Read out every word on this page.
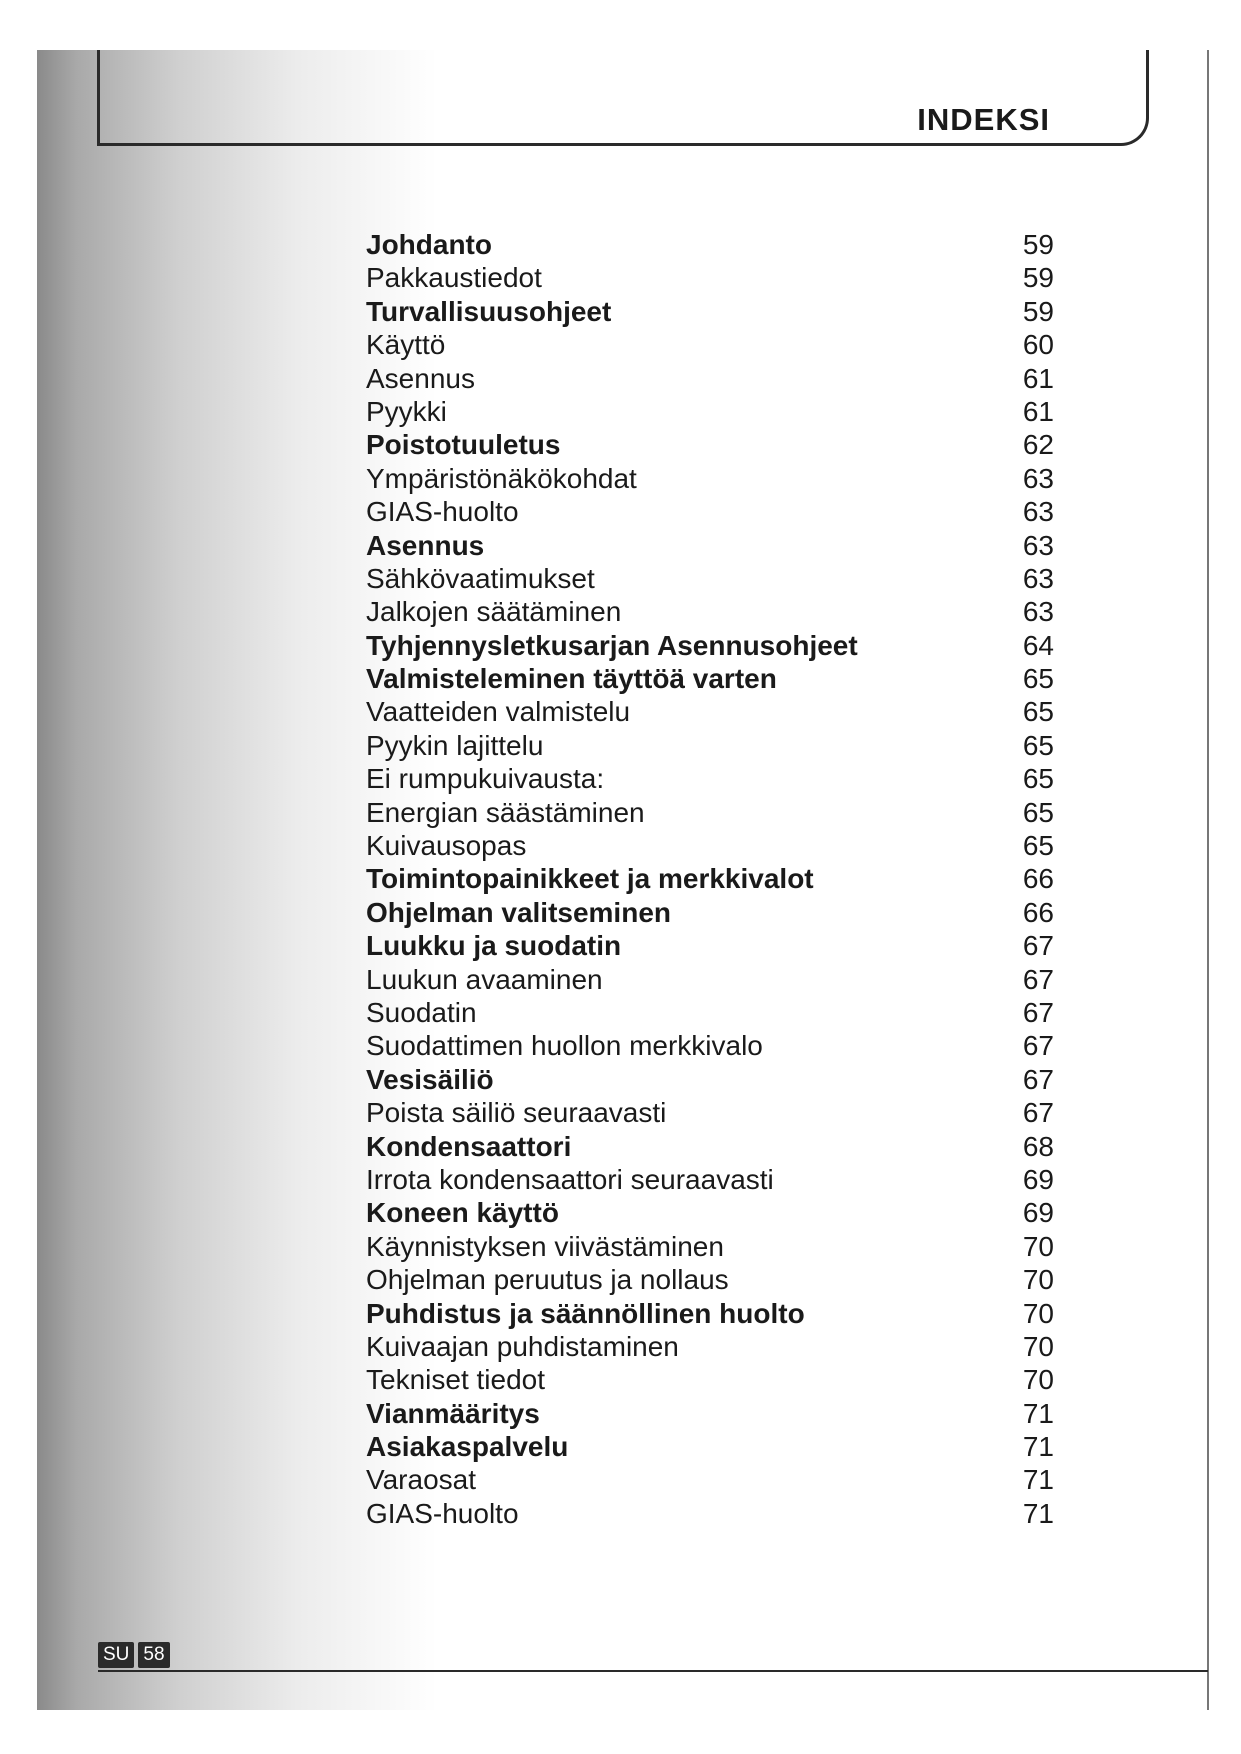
INDEKSI
Johdanto	59
Pakkaustiedot	59
Turvallisuusohjeet	59
Käyttö	60
Asennus	61
Pyykki	61
Poistotuuletus	62
Ympäristönäkökohdat	63
GIAS-huolto	63
Asennus	63
Sähkövaatimukset	63
Jalkojen säätäminen	63
Tyhjennysletkusarjan Asennusohjeet	64
Valmisteleminen täyttöä varten	65
Vaatteiden valmistelu	65
Pyykin lajittelu	65
Ei rumpukuivausta:	65
Energian säästäminen	65
Kuivausopas	65
Toimintopainikkeet ja merkkivalot	66
Ohjelman valitseminen	66
Luukku ja suodatin	67
Luukun avaaminen	67
Suodatin	67
Suodattimen huollon merkkivalo	67
Vesisäiliö	67
Poista säiliö seuraavasti	67
Kondensaattori	68
Irrota kondensaattori seuraavasti	69
Koneen käyttö	69
Käynnistyksen viivästäminen	70
Ohjelman peruutus ja nollaus	70
Puhdistus ja säännöllinen huolto	70
Kuivaajan puhdistaminen	70
Tekniset tiedot	70
Vianmääritys	71
Asiakaspalvelu	71
Varaosat	71
GIAS-huolto	71
SU 58
